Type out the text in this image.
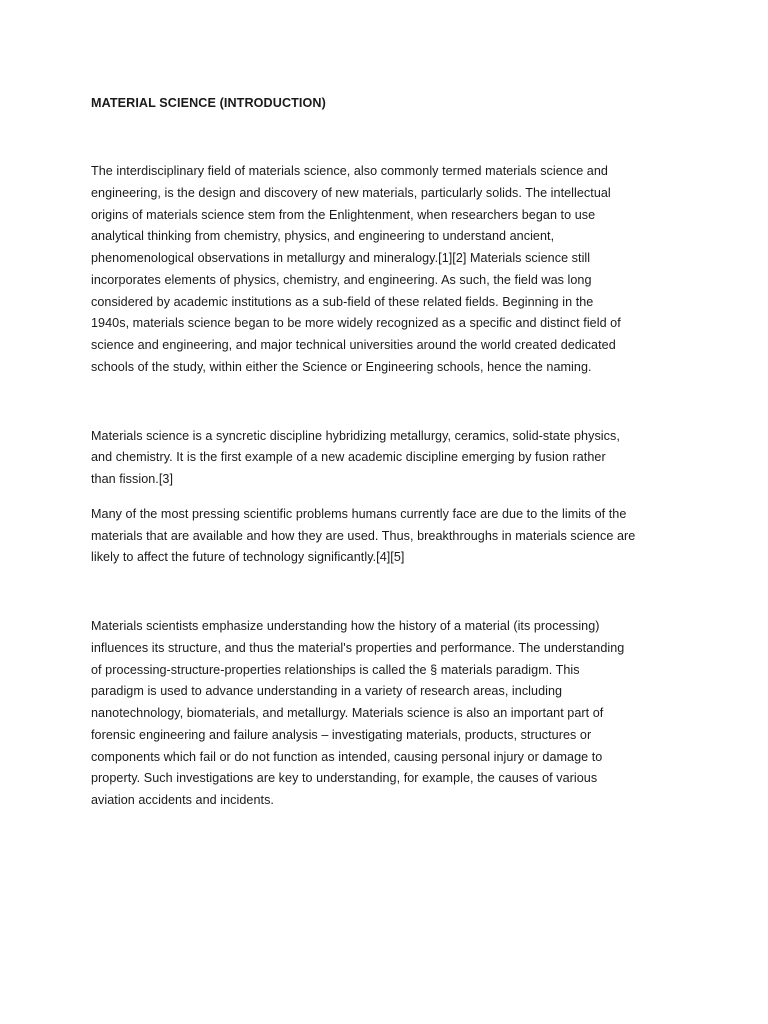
MATERIAL SCIENCE (INTRODUCTION)

The interdisciplinary field of materials science, also commonly termed materials science and
engineering, is the design and discovery of new materials, particularly solids. The intellectual
origins of materials science stem from the Enlightenment, when researchers began to use
analytical thinking from chemistry, physics, and engineering to understand ancient,
phenomenological observations in metallurgy and mineralogy.[1][2] Materials science still
incorporates elements of physics, chemistry, and engineering. As such, the field was long
considered by academic institutions as a sub-field of these related fields. Beginning in the
1940s, materials science began to be more widely recognized as a specific and distinct field of
science and engineering, and major technical universities around the world created dedicated
schools of the study, within either the Science or Engineering schools, hence the naming.

Materials science is a syncretic discipline hybridizing metallurgy, ceramics, solid-state physics,
and chemistry. It is the first example of a new academic discipline emerging by fusion rather
than fission.[3]

Many of the most pressing scientific problems humans currently face are due to the limits of the
materials that are available and how they are used. Thus, breakthroughs in materials science are
likely to affect the future of technology significantly.[4][5]

Materials scientists emphasize understanding how the history of a material (its processing)
influences its structure, and thus the material's properties and performance. The understanding
of processing-structure-properties relationships is called the § materials paradigm. This
paradigm is used to advance understanding in a variety of research areas, including
nanotechnology, biomaterials, and metallurgy. Materials science is also an important part of
forensic engineering and failure analysis – investigating materials, products, structures or
components which fail or do not function as intended, causing personal injury or damage to
property. Such investigations are key to understanding, for example, the causes of various
aviation accidents and incidents.
